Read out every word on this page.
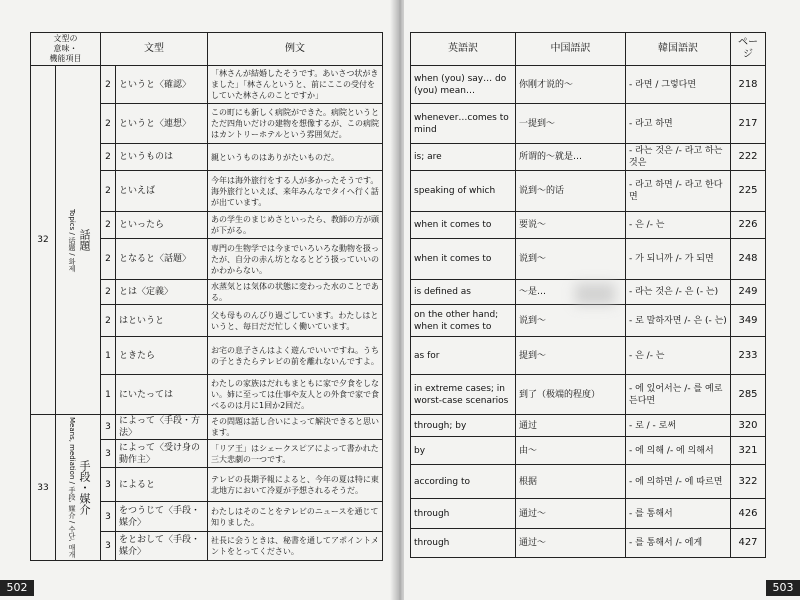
文型の
意味・
機能項目		文型		例文
32	話題
Topics / 话题 / 화제	2	というと〈確認〉	「林さんが結婚したそうです。あいさつ状がきました」「林さんというと、前にここの受付をしていた林さんのことですか」
		2	というと〈連想〉	この町にも新しく病院ができた。病院というとただ四角いだけの建物を想像するが、この病院はカントリーホテルという雰囲気だ。
		2	というものは	親というものはありがたいものだ。
		2	といえば	今年は海外旅行をする人が多かったそうです。海外旅行といえば、来年みんなでタイへ行く話が出ています。
		2	といったら	あの学生のまじめさといったら、教師の方が頭が下がる。
		2	となると〈話題〉	専門の生物学では今までいろいろな動物を扱ったが、自分の赤ん坊となるとどう扱っていいのかわからない。
		2	とは〈定義〉	水蒸気とは気体の状態に変わった水のことである。
		2	はというと	父も母ものんびり過ごしています。わたしはというと、毎日だだ忙しく働いています。
		1	ときたら	お宅の息子さんはよく遊んでいいですね。うちの子ときたらテレビの前を離れないんですよ。
		1	にいたっては	わたしの家族はだれもまともに家で夕食をしない。姉に至っては仕事や友人との外食で家で食べるのは月に1回か2回だ。
33	手段・媒介
Means, mediation / 手段, 媒介 / 수단, 매개	3	によって〈手段・方法〉	その問題は話し合いによって解決できると思います。
		3	によって〈受け身の動作主〉	「リア王」はシェークスピアによって書かれた三大悲劇の一つです。
		3	によると	テレビの長期予報によると、今年の夏は特に東北地方において冷夏が予想されるそうだ。
		3	をつうじて〈手段・媒介〉	わたしはそのことをテレビのニュースを通じて知りました。
		3	をとおして〈手段・媒介〉	社長に会うときは、秘書を通してアポイントメントをとってください。
502
英語訳	中国語訳	韓国語訳	ページ
when (you) say… do (you) mean…	你刚才说的～	- 라면 / 그렇다면	218
whenever…comes to mind	一提到～	- 라고 하면	217
is; are	所谓的～就是…	- 라는 것은 /- 라고 하는 것은	222
speaking of which	说到～的话	- 라고 하면 /- 라고 한다면	225
when it comes to	要说～	- 은 /- 는	226
when it comes to	说到～	- 가 되니까 /- 가 되면	248
is defined as	～是…	- 라는 것은 /- 은 (- 는)	249
on the other hand; when it comes to	说到～	- 로 말하자면 /- 은 (- 는)	349
as for	提到～	- 은 /- 는	233
in extreme cases; in worst-case scenarios	到了（极端的程度）	- 에 있어서는 /- 를 예로 든다면	285
through; by	通过	- 로 / - 로써	320
by	由～	- 에 의해 /- 에 의해서	321
according to	根据	- 에 의하면 /- 에 따르면	322
through	通过～	- 를 통해서	426
through	通过～	- 를 통해서 /- 에게	427
503
